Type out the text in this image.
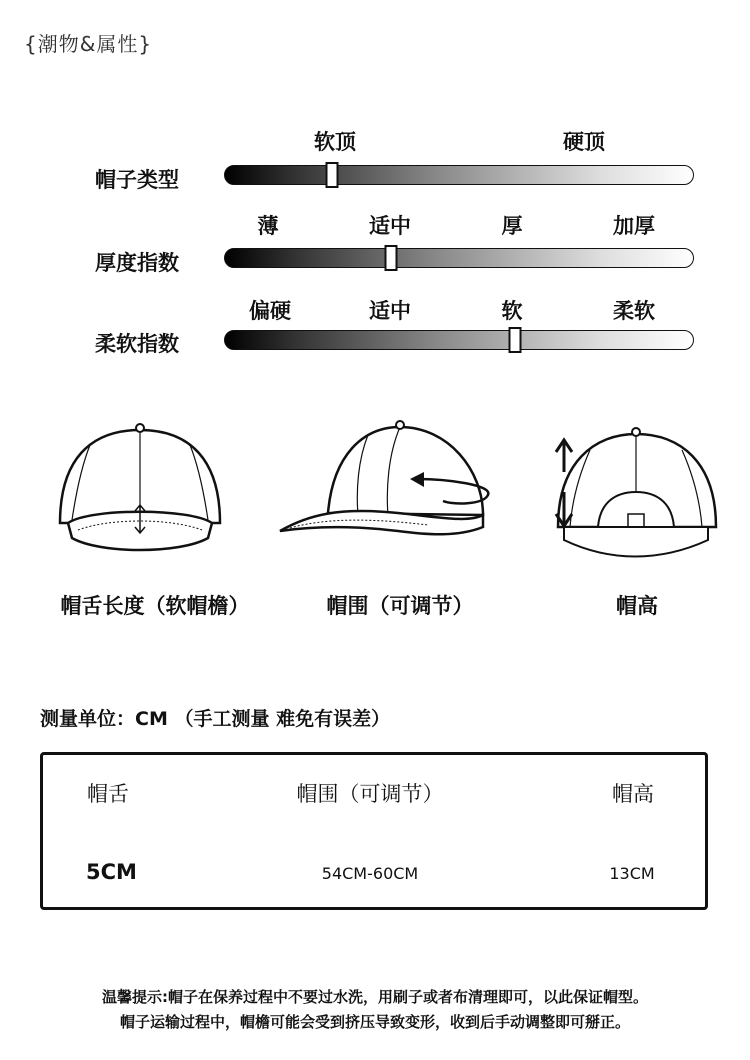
{潮物&属性}
软顶	硬顶
帽子类型
薄	适中	厚	加厚
厚度指数
偏硬	适中	软	柔软
柔软指数
帽舌长度（软帽檐）	帽围（可调节）	帽高
测量单位：CM （手工测量 难免有误差）
帽舌	帽围（可调节）	帽高
5CM	54CM-60CM	13CM
温馨提示:帽子在保养过程中不要过水洗，用刷子或者布清理即可，以此保证帽型。
帽子运输过程中，帽檐可能会受到挤压导致变形，收到后手动调整即可掰正。
